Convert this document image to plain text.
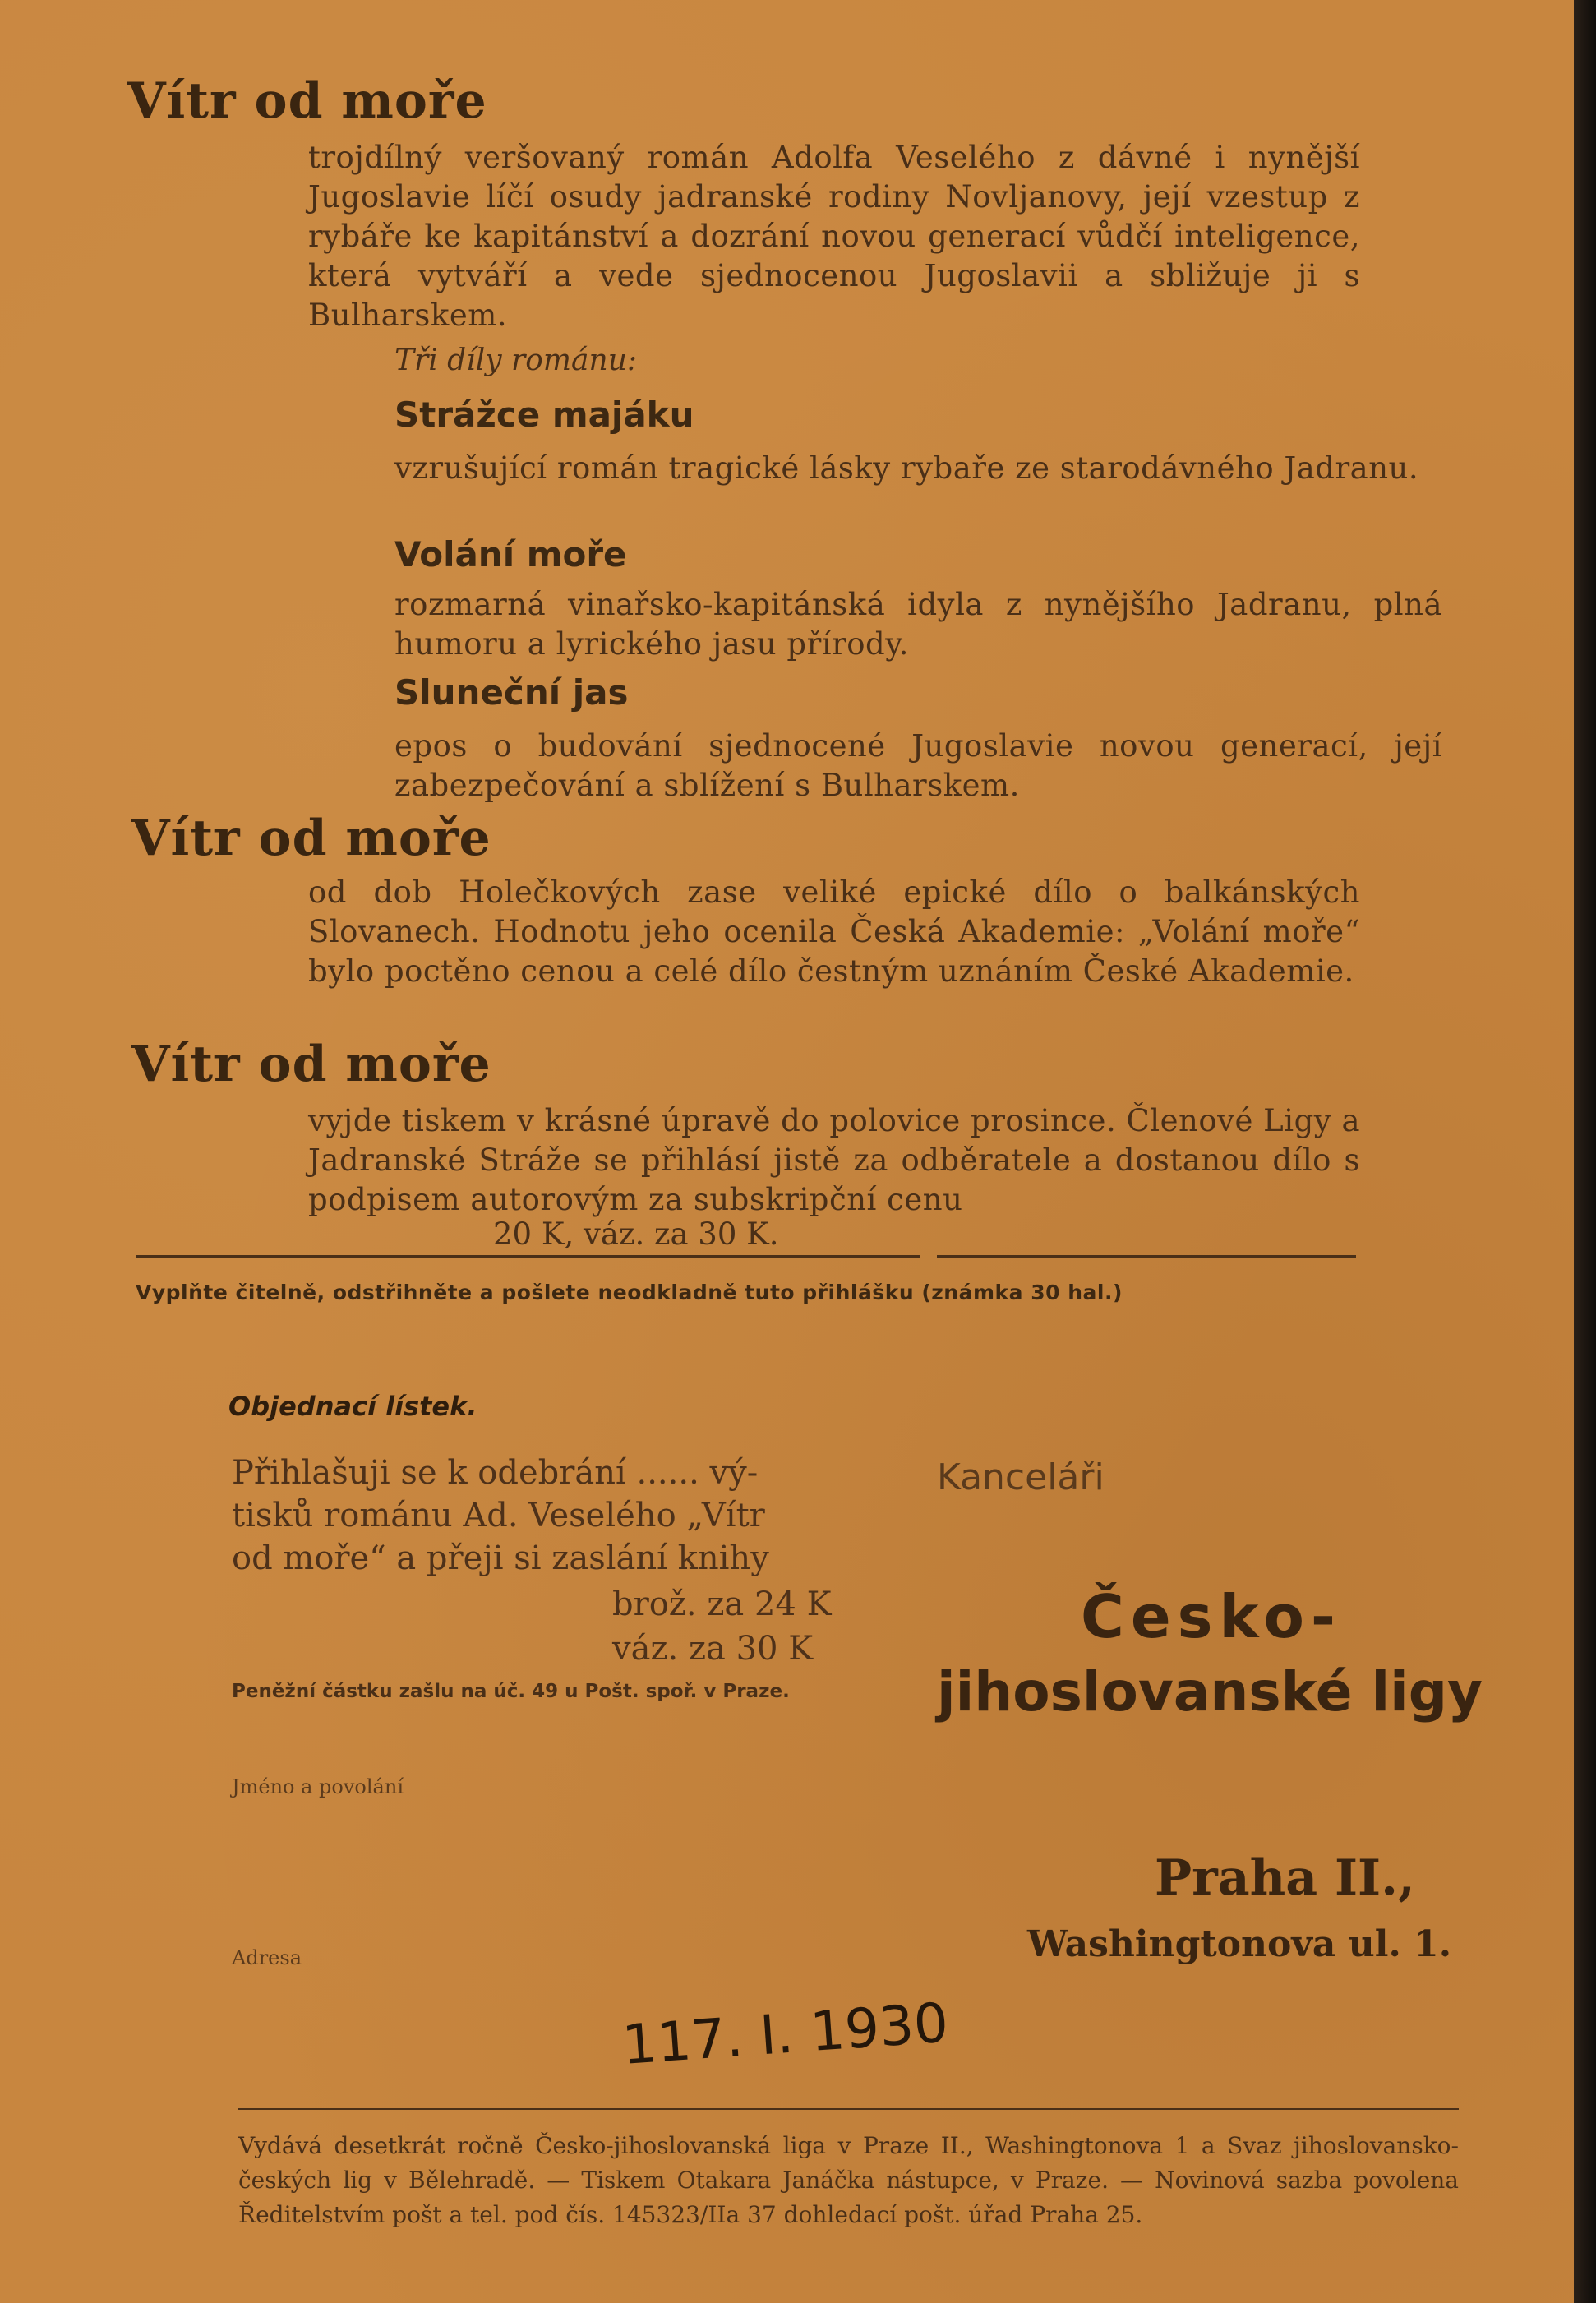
Vítr od moře
trojdílný veršovaný román Adolfa Veselého z dávné i nynější Jugoslavie líčí osudy jadranské rodiny Novljanovy, její vzestup z rybáře ke kapitánství a dozrání novou generací vůdčí inteligence, která vytváří a vede sjednocenou Jugoslavii a sbližuje ji s Bulharskem.
Tři díly románu:
Strážce majáku
vzrušující román tragické lásky rybaře ze starodávného Jadranu.
Volání moře
rozmarná vinařsko-kapitánská idyla z nynějšího Jadranu, plná humoru a lyrického jasu přírody.
Sluneční jas
epos o budování sjednocené Jugoslavie novou generací, její zabezpečování a sblížení s Bulharskem.
Vítr od moře
od dob Holečkových zase veliké epické dílo o balkánských Slovanech. Hodnotu jeho ocenila Česká Akademie: „Volání moře“ bylo poctěno cenou a celé dílo čestným uznáním České Akademie.
Vítr od moře
vyjde tiskem v krásné úpravě do polovice prosince. Členové Ligy a Jadranské Stráže se přihlásí jistě za odběratele a dostanou dílo s podpisem autorovým za subskripční cenu
20 K, váz. za 30 K.
Vyplňte čitelně, odstřihněte a pošlete neodkladně tuto přihlášku (známka 30 hal.)
Objednací lístek.
Přihlašuji se k odebrání ...... vý-
tisků románu Ad. Veselého „Vítr
od moře“ a přeji si zaslání knihy
brož. za 24 K
váz. za 30 K
Peněžní částku zašlu na úč. 49 u Pošt. spoř. v Praze.
Jméno a povolání
Adresa
Kanceláři
Česko-
jihoslovanské ligy
Praha II.,
Washingtonova ul. 1.
117. I. 1930
Vydává desetkrát ročně Česko-jihoslovanská liga v Praze II., Washingtonova 1 a Svaz jihoslovansko-českých lig v Bělehradě. — Tiskem Otakara Janáčka nástupce, v Praze. — Novinová sazba povolena Ředitelstvím pošt a tel. pod čís. 145323/IIa 37 dohledací pošt. úřad Praha 25.
